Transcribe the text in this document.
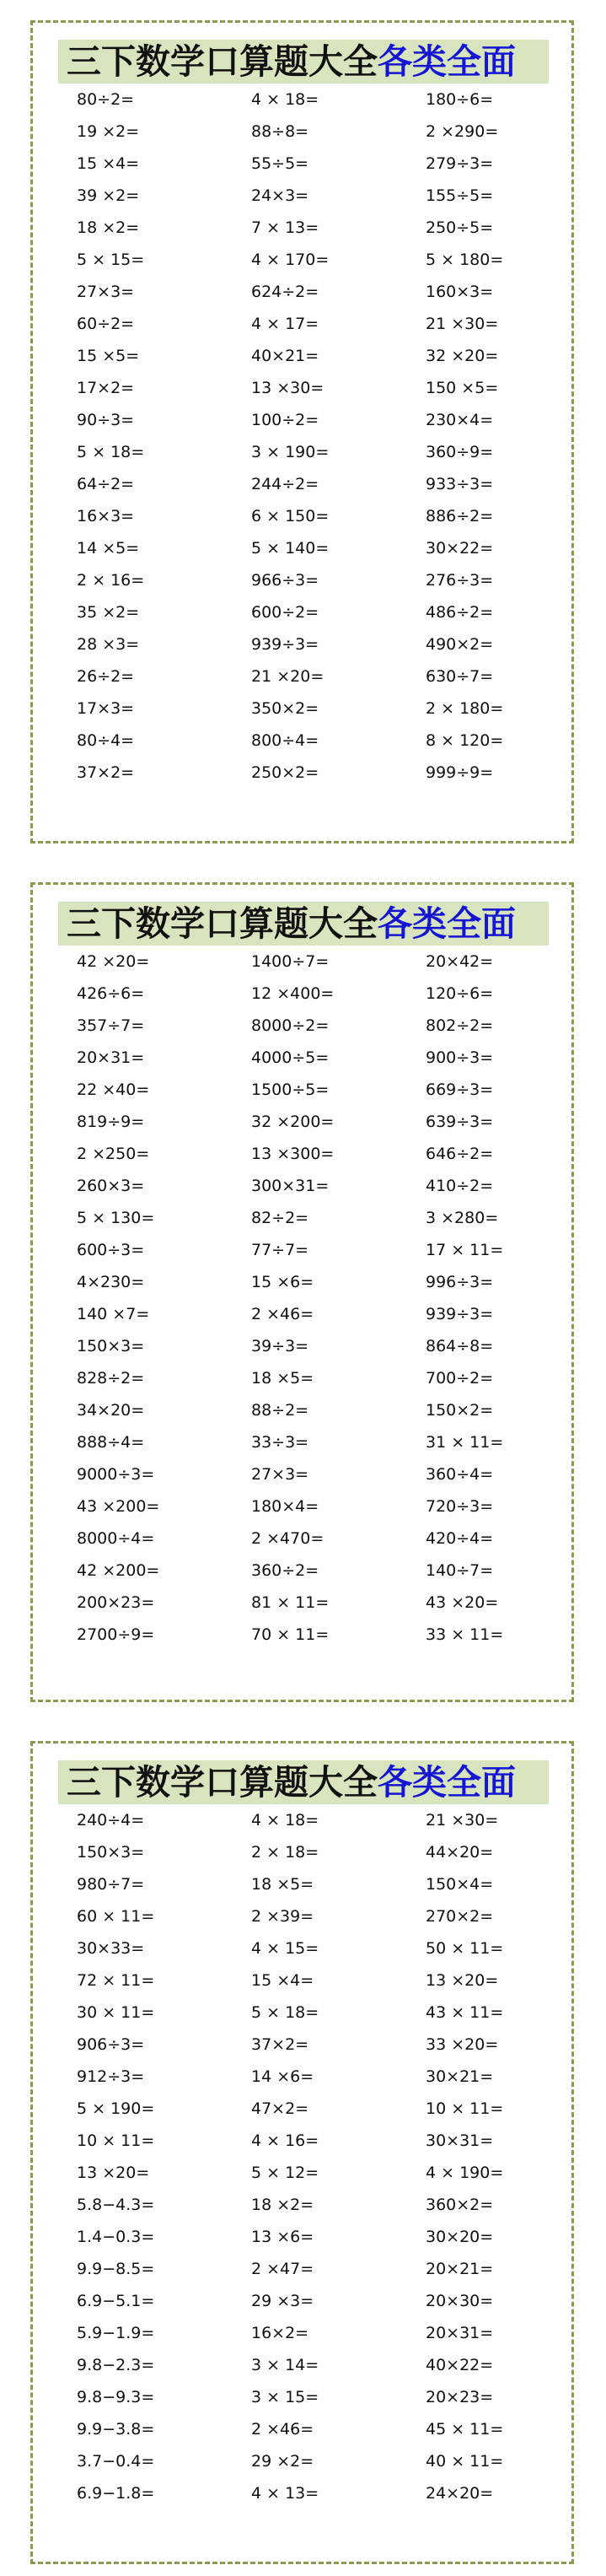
三下数学口算题大全各类全面
80÷2=	4 × 18=	180÷6=
19 ×2=	88÷8=	2 ×290=
15 ×4=	55÷5=	279÷3=
39 ×2=	24×3=	155÷5=
18 ×2=	7 × 13=	250÷5=
5 × 15=	4 × 170=	5 × 180=
27×3=	624÷2=	160×3=
60÷2=	4 × 17=	21 ×30=
15 ×5=	40×21=	32 ×20=
17×2=	13 ×30=	150 ×5=
90÷3=	100÷2=	230×4=
5 × 18=	3 × 190=	360÷9=
64÷2=	244÷2=	933÷3=
16×3=	6 × 150=	886÷2=
14 ×5=	5 × 140=	30×22=
2 × 16=	966÷3=	276÷3=
35 ×2=	600÷2=	486÷2=
28 ×3=	939÷3=	490×2=
26÷2=	21 ×20=	630÷7=
17×3=	350×2=	2 × 180=
80÷4=	800÷4=	8 × 120=
37×2=	250×2=	999÷9=
三下数学口算题大全各类全面
42 ×20=	1400÷7=	20×42=
426÷6=	12 ×400=	120÷6=
357÷7=	8000÷2=	802÷2=
20×31=	4000÷5=	900÷3=
22 ×40=	1500÷5=	669÷3=
819÷9=	32 ×200=	639÷3=
2 ×250=	13 ×300=	646÷2=
260×3=	300×31=	410÷2=
5 × 130=	82÷2=	3 ×280=
600÷3=	77÷7=	17 × 11=
4×230=	15 ×6=	996÷3=
140 ×7=	2 ×46=	939÷3=
150×3=	39÷3=	864÷8=
828÷2=	18 ×5=	700÷2=
34×20=	88÷2=	150×2=
888÷4=	33÷3=	31 × 11=
9000÷3=	27×3=	360÷4=
43 ×200=	180×4=	720÷3=
8000÷4=	2 ×470=	420÷4=
42 ×200=	360÷2=	140÷7=
200×23=	81 × 11=	43 ×20=
2700÷9=	70 × 11=	33 × 11=
三下数学口算题大全各类全面
240÷4=	4 × 18=	21 ×30=
150×3=	2 × 18=	44×20=
980÷7=	18 ×5=	150×4=
60 × 11=	2 ×39=	270×2=
30×33=	4 × 15=	50 × 11=
72 × 11=	15 ×4=	13 ×20=
30 × 11=	5 × 18=	43 × 11=
906÷3=	37×2=	33 ×20=
912÷3=	14 ×6=	30×21=
5 × 190=	47×2=	10 × 11=
10 × 11=	4 × 16=	30×31=
13 ×20=	5 × 12=	4 × 190=
5.8−4.3=	18 ×2=	360×2=
1.4−0.3=	13 ×6=	30×20=
9.9−8.5=	2 ×47=	20×21=
6.9−5.1=	29 ×3=	20×30=
5.9−1.9=	16×2=	20×31=
9.8−2.3=	3 × 14=	40×22=
9.8−9.3=	3 × 15=	20×23=
9.9−3.8=	2 ×46=	45 × 11=
3.7−0.4=	29 ×2=	40 × 11=
6.9−1.8=	4 × 13=	24×20=
